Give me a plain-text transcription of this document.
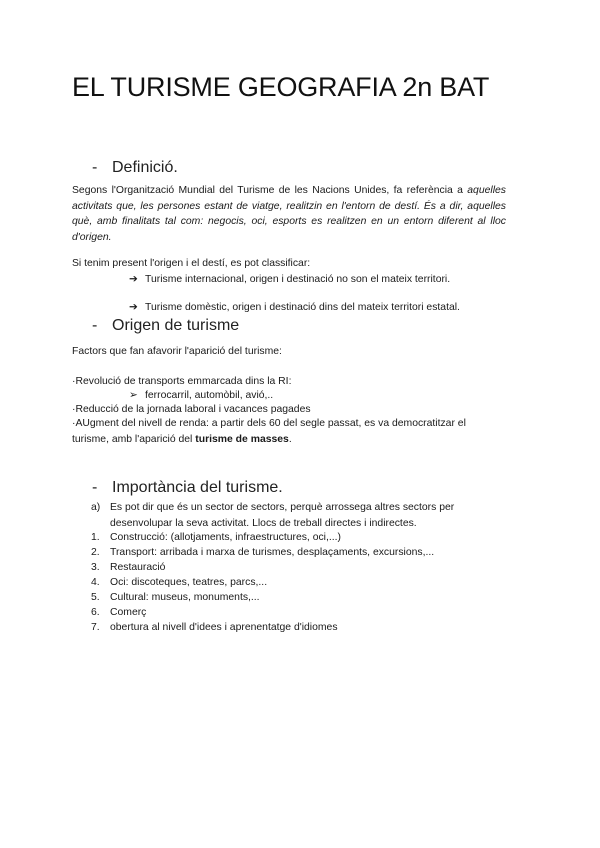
EL TURISME GEOGRAFIA 2n BAT
- Definició.
Segons l'Organització Mundial del Turisme de les Nacions Unides, fa referència a aquelles activitats que, les persones estant de viatge, realitzin en l'entorn de destí. És a dir, aquelles què, amb finalitats tal com: negocis, oci, esports es realitzen en un entorn diferent al lloc d'origen.
Si tenim present l'origen i el destí, es pot classificar:
➔ Turisme internacional, origen i destinació no son el mateix territori.
➔ Turisme domèstic, origen i destinació dins del mateix territori estatal.
- Origen de turisme
Factors que fan afavorir l'aparició del turisme:
·Revolució de transports emmarcada dins la RI:
➢ ferrocarril, automòbil, avió,..
·Reducció de la jornada laboral i vacances pagades
·AUgment del nivell de renda: a partir dels 60 del segle passat, es va democratitzar el turisme, amb l'aparició del turisme de masses.
- Importància del turisme.
a) Es pot dir que és un sector de sectors, perquè arrossega altres sectors per desenvolupar la seva activitat. Llocs de treball directes i indirectes.
1. Construcció: (allotjaments, infraestructures, oci,...)
2. Transport: arribada i marxa de turismes, desplaçaments, excursions,...
3. Restauració
4. Oci: discoteques, teatres, parcs,...
5. Cultural: museus, monuments,...
6. Comerç
7. obertura al nivell d'idees i aprenentatge d'idiomes
